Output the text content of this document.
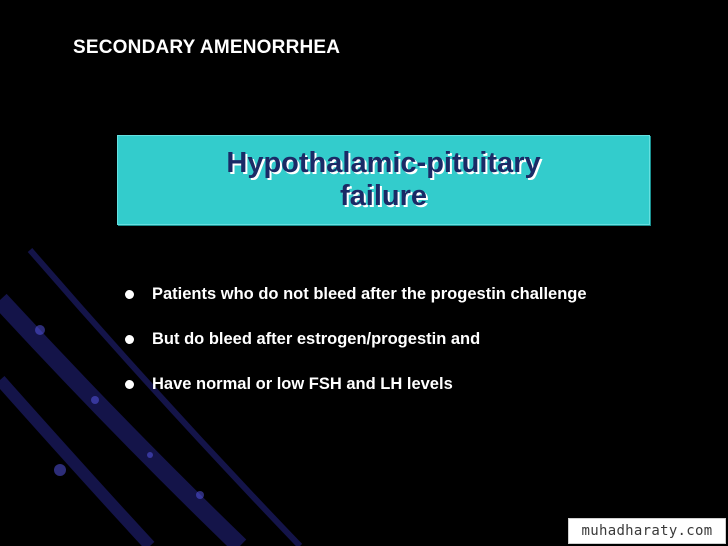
SECONDARY AMENORRHEA
Hypothalamic-pituitary
failure
Patients who do not bleed after the progestin challenge
But do bleed after estrogen/progestin and
Have normal or low FSH and LH levels
muhadharaty.com
